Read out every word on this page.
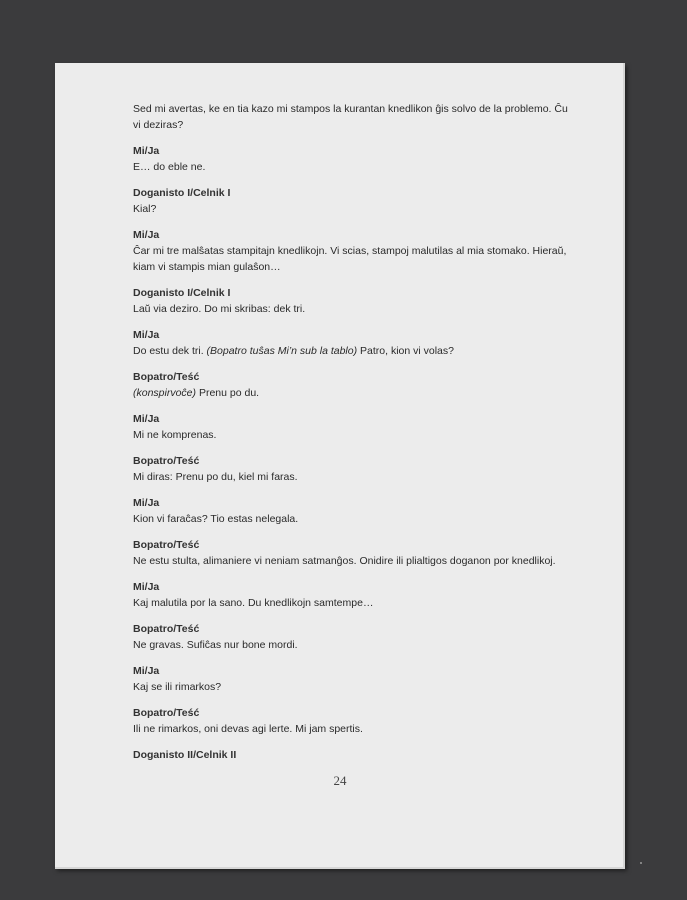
Sed mi avertas, ke en tia kazo mi stampos la kurantan knedlikon ĝis solvo de la problemo. Ĉu

vi deziras?

Mi/Ja

E… do eble ne.

Doganisto I/Celnik I

Kial?

Mi/Ja

Ĉar mi tre malŝatas stampitajn knedlikojn. Vi scias, stampoj malutilas al mia stomako. Hieraŭ,

kiam vi stampis mian gulaŝon…

Doganisto I/Celnik I

Laŭ via deziro. Do mi skribas: dek tri.

Mi/Ja

Do estu dek tri. (Bopatro tuŝas Mi’n sub la tablo) Patro, kion vi volas?

Bopatro/Teść

(konspirvoĉe) Prenu po du.

Mi/Ja

Mi ne komprenas.

Bopatro/Teść

Mi diras: Prenu po du, kiel mi faras.

Mi/Ja

Kion vi faraĉas? Tio estas nelegala.

Bopatro/Teść

Ne estu stulta, alimaniere vi neniam satmanĝos. Onidire ili plialtigos doganon por knedlikoj.

Mi/Ja

Kaj malutila por la sano. Du knedlikojn samtempe…

Bopatro/Teść

Ne gravas. Sufiĉas nur bone mordi.

Mi/Ja

Kaj se ili rimarkos?

Bopatro/Teść

Ili ne rimarkos, oni devas agi lerte. Mi jam spertis.

Doganisto II/Celnik II

24
